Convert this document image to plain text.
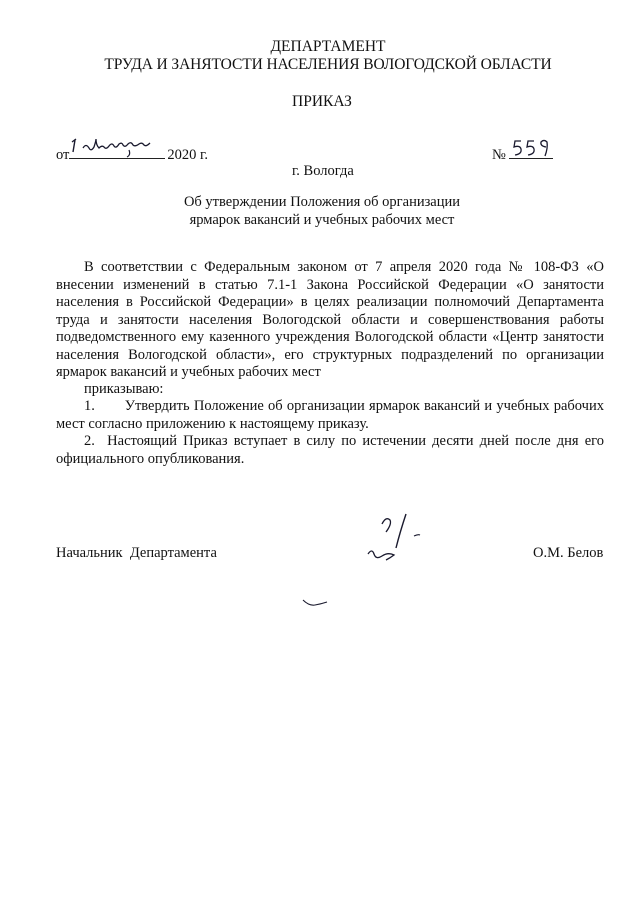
ДЕПАРТАМЕНТ
ТРУДА И ЗАНЯТОСТИ НАСЕЛЕНИЯ ВОЛОГОДСКОЙ ОБЛАСТИ
ПРИКАЗ
от	2020 г.	№
г. Вологда
Об утверждении Положения об организации
ярмарок вакансий и учебных рабочих мест
В соответствии с Федеральным законом от 7 апреля 2020 года № 108-ФЗ «О внесении изменений в статью 7.1-1 Закона Российской Федерации «О занятости населения в Российской Федерации» в целях реализации полномочий Департамента труда и занятости населения Вологодской области и совершенствования работы подведомственного ему казенного учреждения Вологодской области «Центр занятости населения Вологодской области», его структурных подразделений по организации ярмарок вакансий и учебных рабочих мест
приказываю:
1.       Утвердить Положение об организации ярмарок вакансий и учебных рабочих мест согласно приложению к настоящему приказу.
2.  Настоящий Приказ вступает в силу по истечении десяти дней после дня его официального опубликования.
Начальник  Департамента	О.М. Белов
